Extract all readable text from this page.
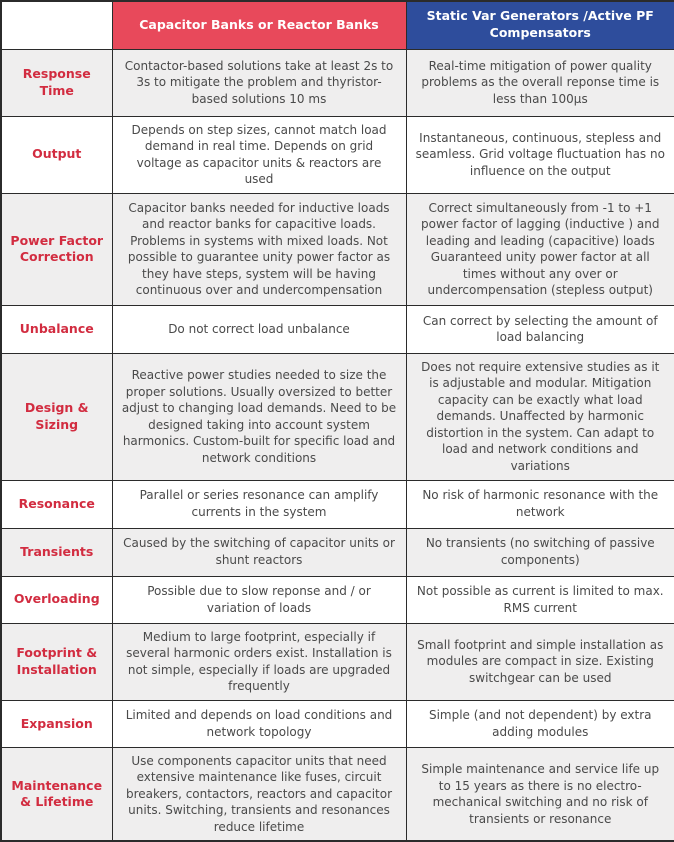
	Capacitor Banks or Reactor Banks	Static Var Generators /Active PF Compensators
Response Time	Contactor-based solutions take at least 2s to 3s to mitigate the problem and thyristor-based solutions 10 ms	Real-time mitigation of power quality problems as the overall reponse time is less than 100μs
Output	Depends on step sizes, cannot match load demand in real time. Depends on grid voltage as capacitor units & reactors are used	Instantaneous, continuous, stepless and seamless. Grid voltage fluctuation has no influence on the output
Power Factor Correction	Capacitor banks needed for inductive loads and reactor banks for capacitive loads. Problems in systems with mixed loads. Not possible to guarantee unity power factor as they have steps, system will be having continuous over and undercompensation	Correct simultaneously from -1 to +1 power factor of lagging (inductive ) and leading and leading (capacitive) loads Guaranteed unity power factor at all times without any over or undercompensation (stepless output)
Unbalance	Do not correct load unbalance	Can correct by selecting the amount of load balancing
Design & Sizing	Reactive power studies needed to size the proper solutions. Usually oversized to better adjust to changing load demands. Need to be designed taking into account system harmonics. Custom-built for specific load and network conditions	Does not require extensive studies as it is adjustable and modular. Mitigation capacity can be exactly what load demands. Unaffected by harmonic distortion in the system. Can adapt to load and network conditions and variations
Resonance	Parallel or series resonance can amplify currents in the system	No risk of harmonic resonance with the network
Transients	Caused by the switching of capacitor units or shunt reactors	No transients (no switching of passive components)
Overloading	Possible due to slow reponse and / or variation of loads	Not possible as current is limited to max. RMS current
Footprint & Installation	Medium to large footprint, especially if several harmonic orders exist. Installation is not simple, especially if loads are upgraded frequently	Small footprint and simple installation as modules are compact in size. Existing switchgear can be used
Expansion	Limited and depends on load conditions and network topology	Simple (and not dependent) by extra adding modules
Maintenance & Lifetime	Use components capacitor units that need extensive maintenance like fuses, circuit breakers, contactors, reactors and capacitor units. Switching, transients and resonances reduce lifetime	Simple maintenance and service life up to 15 years as there is no electro-mechanical switching and no risk of transients or resonance
